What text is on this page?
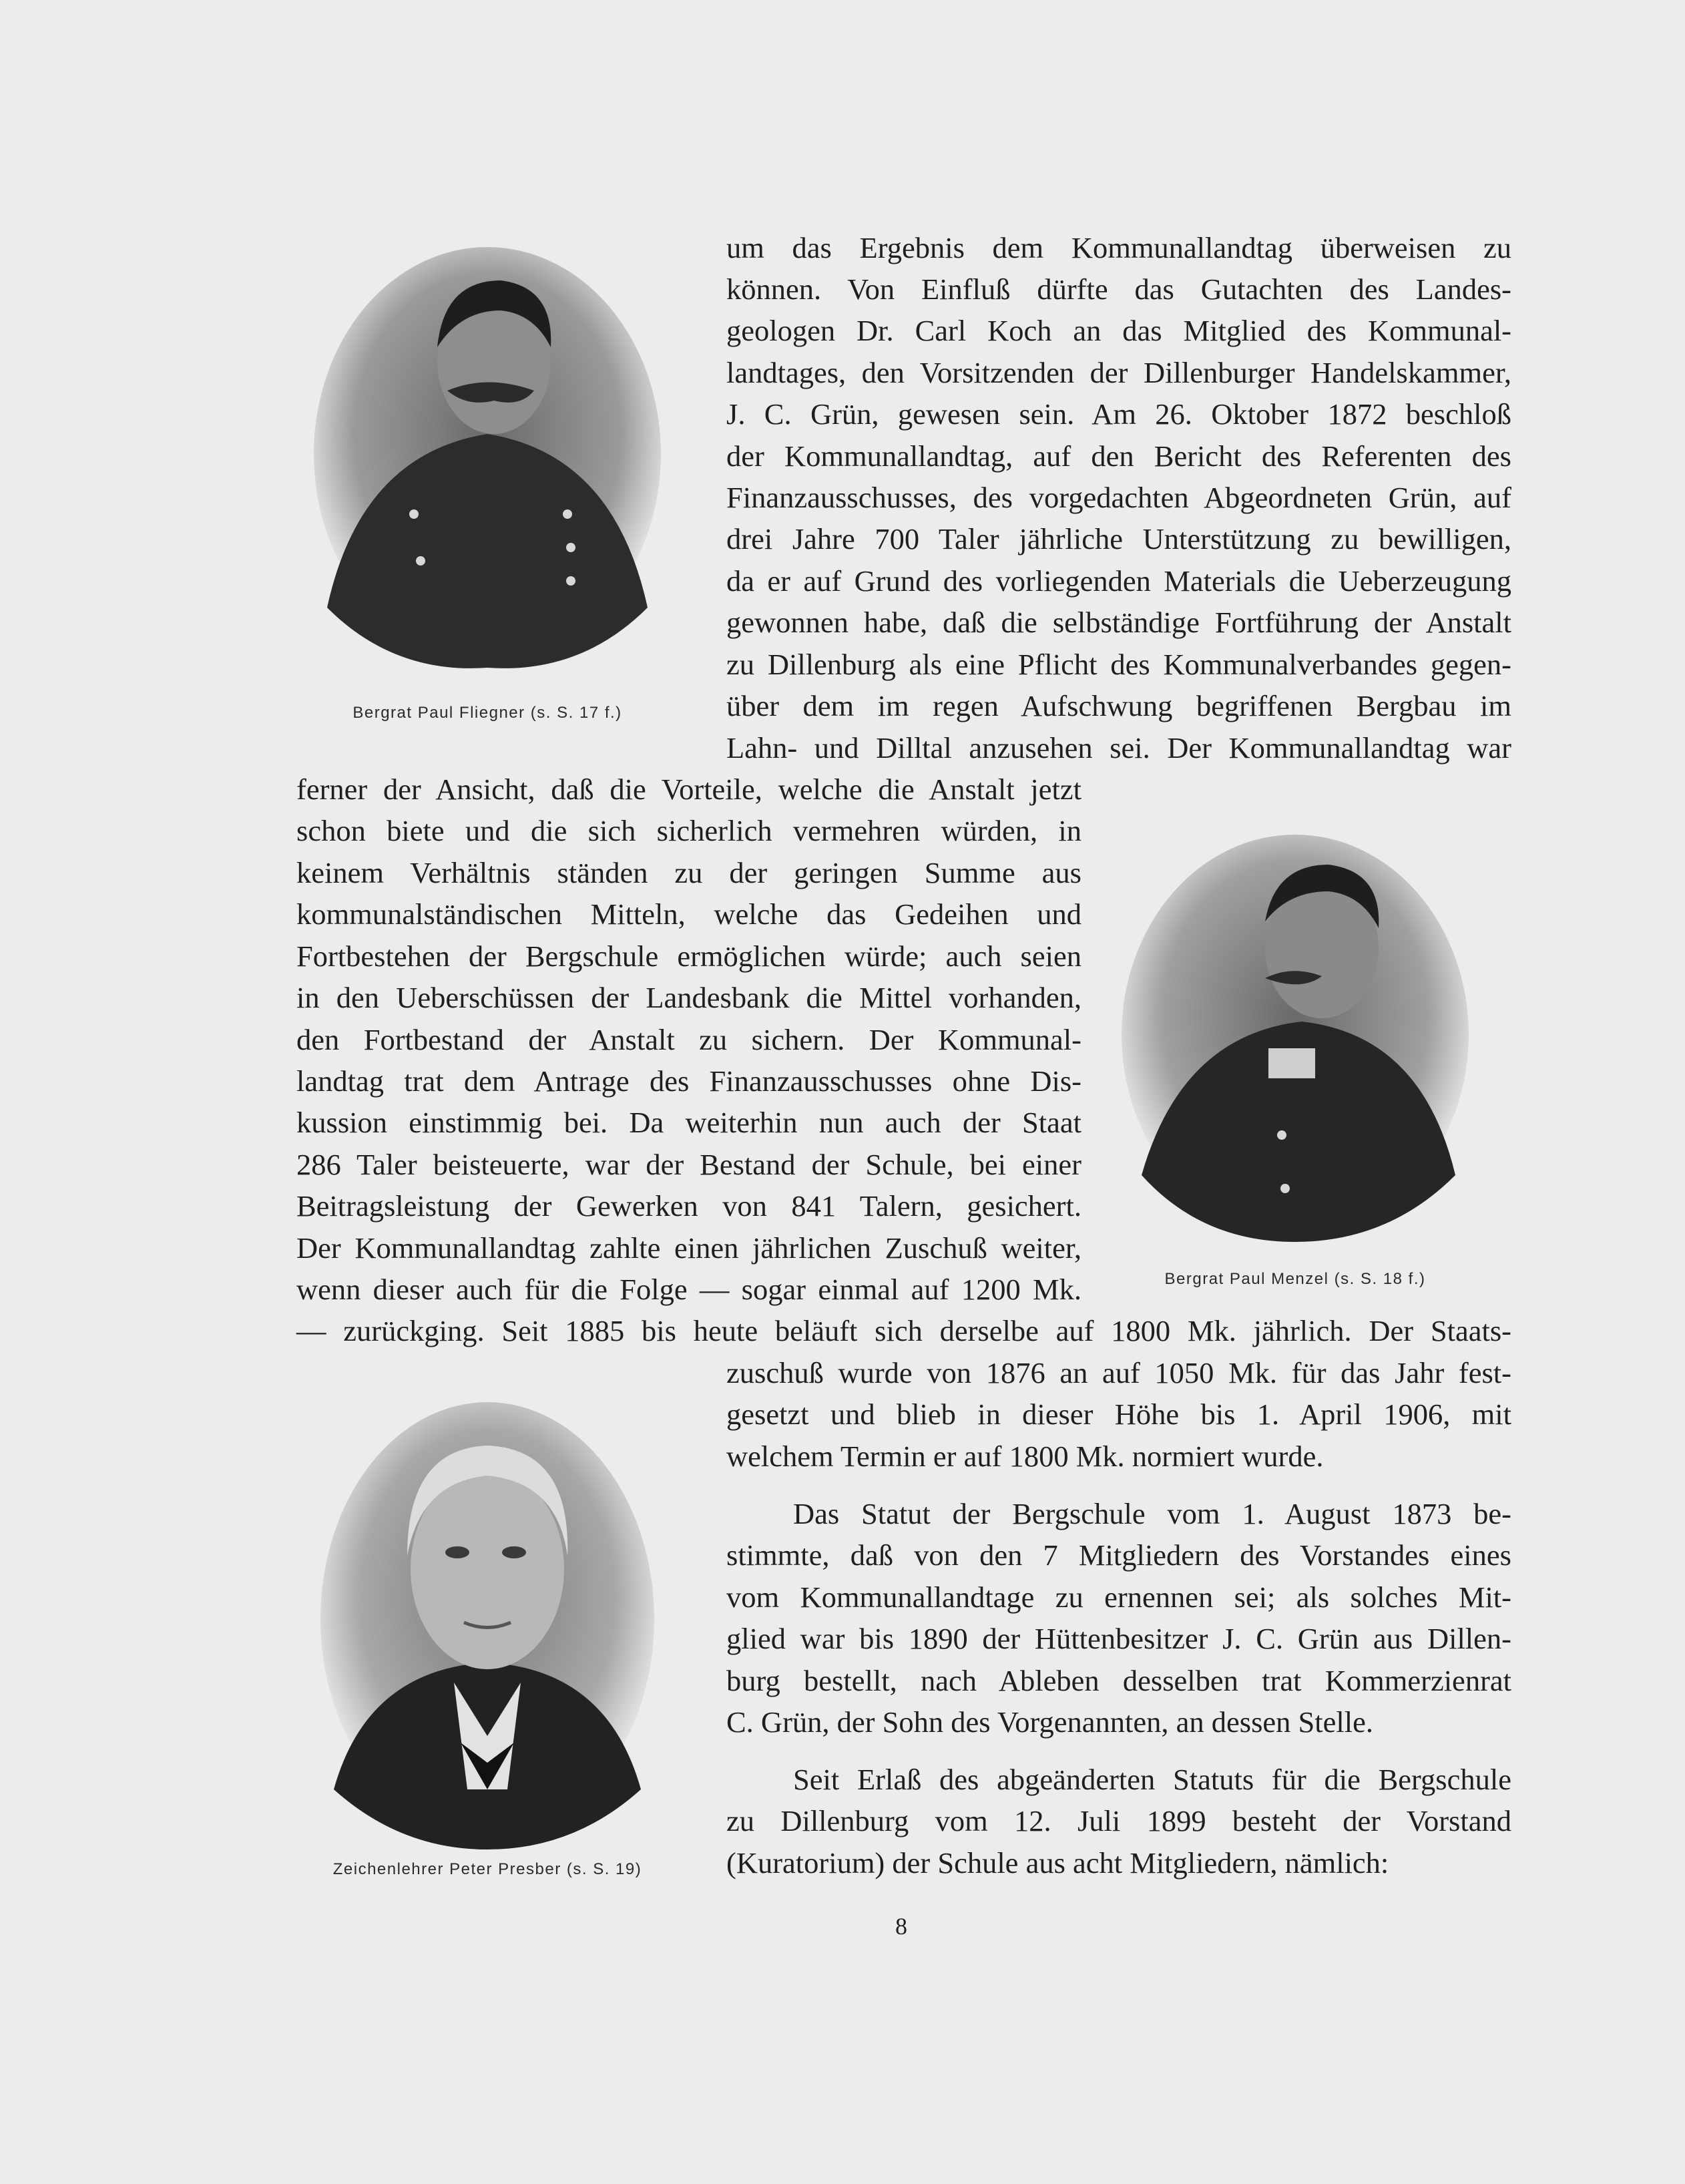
Bergrat Paul Fliegner (s. S. 17 f.)
Bergrat Paul Menzel (s. S. 18 f.)
Zeichenlehrer Peter Presber (s. S. 19)
um das Ergebnis dem Kommunallandtag überweisen zu
können. Von Einfluß dürfte das Gutachten des Landes-
geologen Dr. Carl Koch an das Mitglied des Kommunal-
landtages, den Vorsitzenden der Dillenburger Handelskammer,
J. C. Grün, gewesen sein. Am 26. Oktober 1872 beschloß
der Kommunallandtag, auf den Bericht des Referenten des
Finanzausschusses, des vorgedachten Abgeordneten Grün, auf
drei Jahre 700 Taler jährliche Unterstützung zu bewilligen,
da er auf Grund des vorliegenden Materials die Ueberzeugung
gewonnen habe, daß die selbständige Fortführung der Anstalt
zu Dillenburg als eine Pflicht des Kommunalverbandes gegen-
über dem im regen Aufschwung begriffenen Bergbau im
Lahn- und Dilltal anzusehen sei. Der Kommunallandtag war
ferner der Ansicht, daß die Vorteile, welche die Anstalt jetzt
schon biete und die sich sicherlich vermehren würden, in
keinem Verhältnis ständen zu der geringen Summe aus
kommunalständischen Mitteln, welche das Gedeihen und
Fortbestehen der Bergschule ermöglichen würde; auch seien
in den Ueberschüssen der Landesbank die Mittel vorhanden,
den Fortbestand der Anstalt zu sichern. Der Kommunal-
landtag trat dem Antrage des Finanzausschusses ohne Dis-
kussion einstimmig bei. Da weiterhin nun auch der Staat
286 Taler beisteuerte, war der Bestand der Schule, bei einer
Beitragsleistung der Gewerken von 841 Talern, gesichert.
Der Kommunallandtag zahlte einen jährlichen Zuschuß weiter,
wenn dieser auch für die Folge — sogar einmal auf 1200 Mk.
— zurückging. Seit 1885 bis heute beläuft sich derselbe auf 1800 Mk. jährlich. Der Staats-
zuschuß wurde von 1876 an auf 1050 Mk. für das Jahr fest-
gesetzt und blieb in dieser Höhe bis 1. April 1906, mit
welchem Termin er auf 1800 Mk. normiert wurde.
Das Statut der Bergschule vom 1. August 1873 be-
stimmte, daß von den 7 Mitgliedern des Vorstandes eines
vom Kommunallandtage zu ernennen sei; als solches Mit-
glied war bis 1890 der Hüttenbesitzer J. C. Grün aus Dillen-
burg bestellt, nach Ableben desselben trat Kommerzienrat
C. Grün, der Sohn des Vorgenannten, an dessen Stelle.
Seit Erlaß des abgeänderten Statuts für die Bergschule
zu Dillenburg vom 12. Juli 1899 besteht der Vorstand
(Kuratorium) der Schule aus acht Mitgliedern, nämlich:
8
